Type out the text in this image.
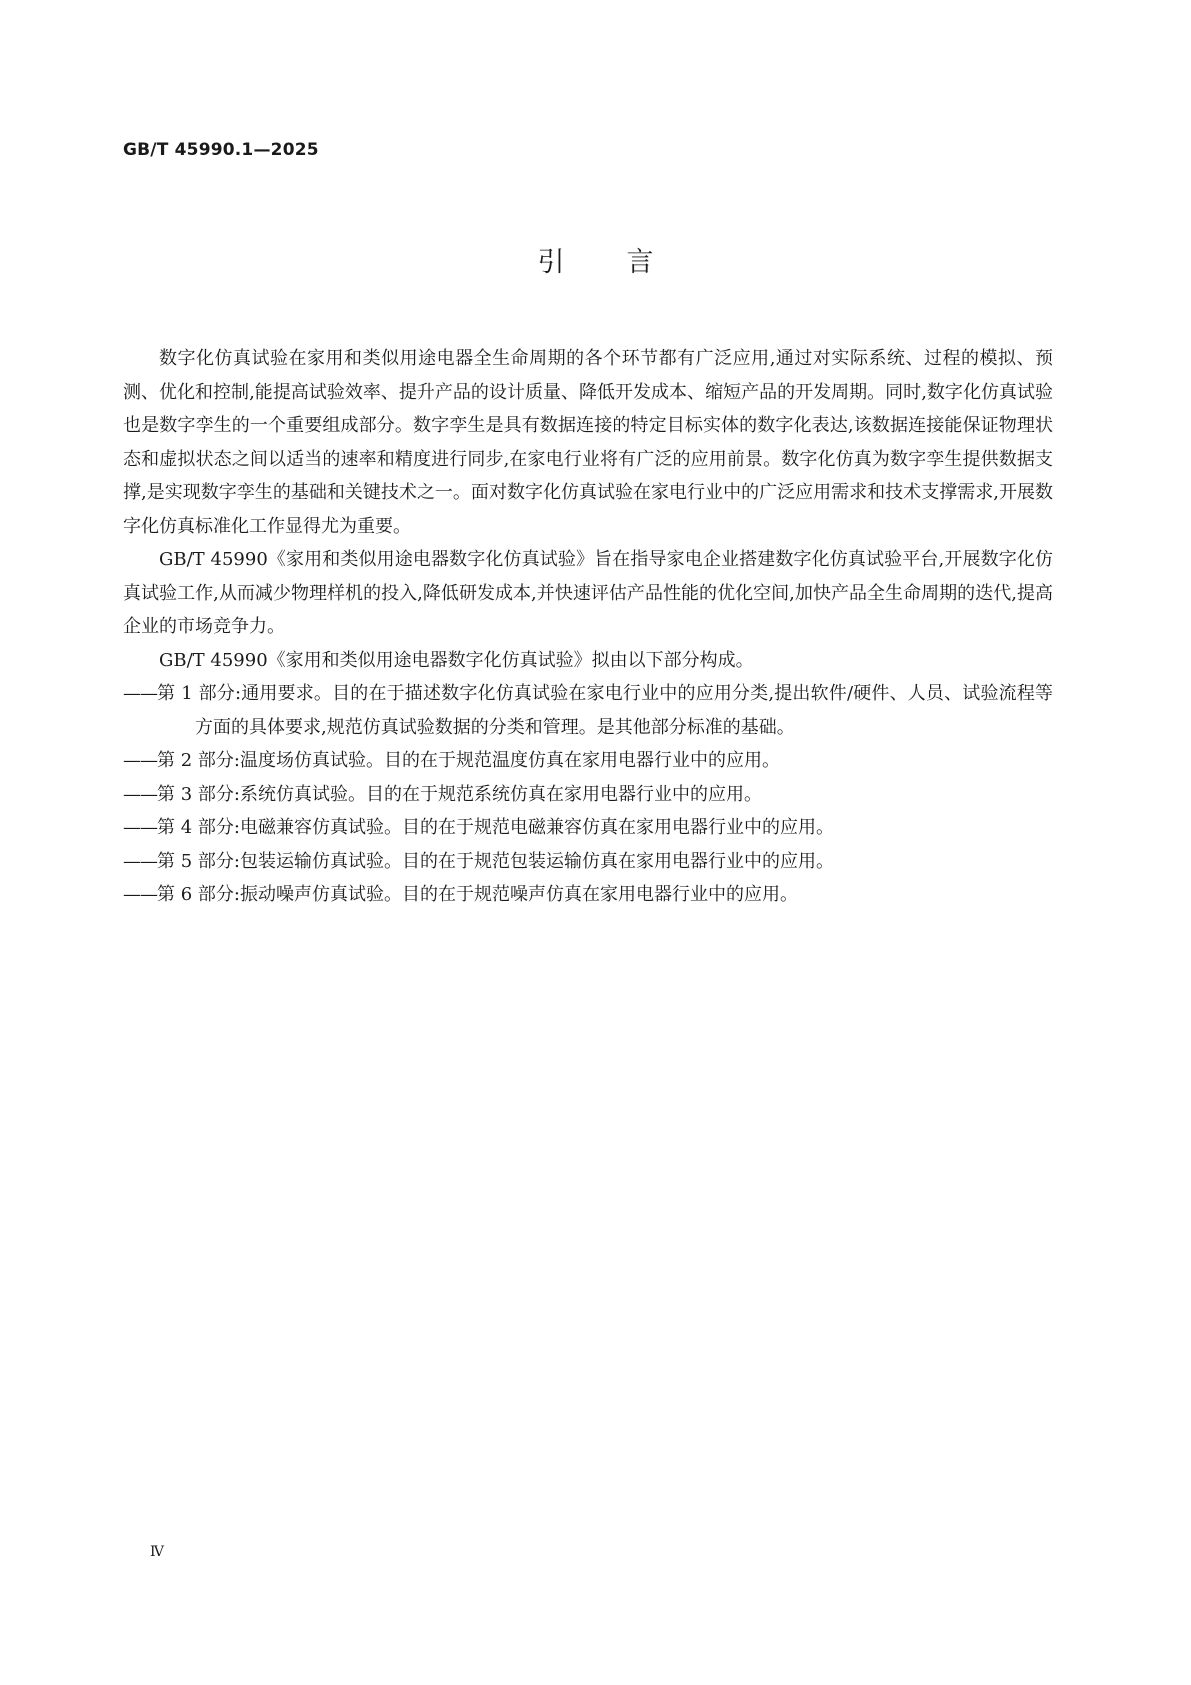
GB/T 45990.1—2025
引言

数字化仿真试验在家用和类似用途电器全生命周期的各个环节都有广泛应用,通过对实际系统、过程的模拟、预测、优化和控制,能提高试验效率、提升产品的设计质量、降低开发成本、缩短产品的开发周期。同时,数字化仿真试验也是数字孪生的一个重要组成部分。数字孪生是具有数据连接的特定目标实体的数字化表达,该数据连接能保证物理状态和虚拟状态之间以适当的速率和精度进行同步,在家电行业将有广泛的应用前景。数字化仿真为数字孪生提供数据支撑,是实现数字孪生的基础和关键技术之一。面对数字化仿真试验在家电行业中的广泛应用需求和技术支撑需求,开展数字化仿真标准化工作显得尤为重要。

GB/T 45990《家用和类似用途电器数字化仿真试验》旨在指导家电企业搭建数字化仿真试验平台,开展数字化仿真试验工作,从而减少物理样机的投入,降低研发成本,并快速评估产品性能的优化空间,加快产品全生命周期的迭代,提高企业的市场竞争力。

GB/T 45990《家用和类似用途电器数字化仿真试验》拟由以下部分构成。

——第 1 部分:通用要求。目的在于描述数字化仿真试验在家电行业中的应用分类,提出软件/硬件、人员、试验流程等方面的具体要求,规范仿真试验数据的分类和管理。是其他部分标准的基础。
——第 2 部分:温度场仿真试验。目的在于规范温度仿真在家用电器行业中的应用。
——第 3 部分:系统仿真试验。目的在于规范系统仿真在家用电器行业中的应用。
——第 4 部分:电磁兼容仿真试验。目的在于规范电磁兼容仿真在家用电器行业中的应用。
——第 5 部分:包装运输仿真试验。目的在于规范包装运输仿真在家用电器行业中的应用。
——第 6 部分:振动噪声仿真试验。目的在于规范噪声仿真在家用电器行业中的应用。
Ⅳ
